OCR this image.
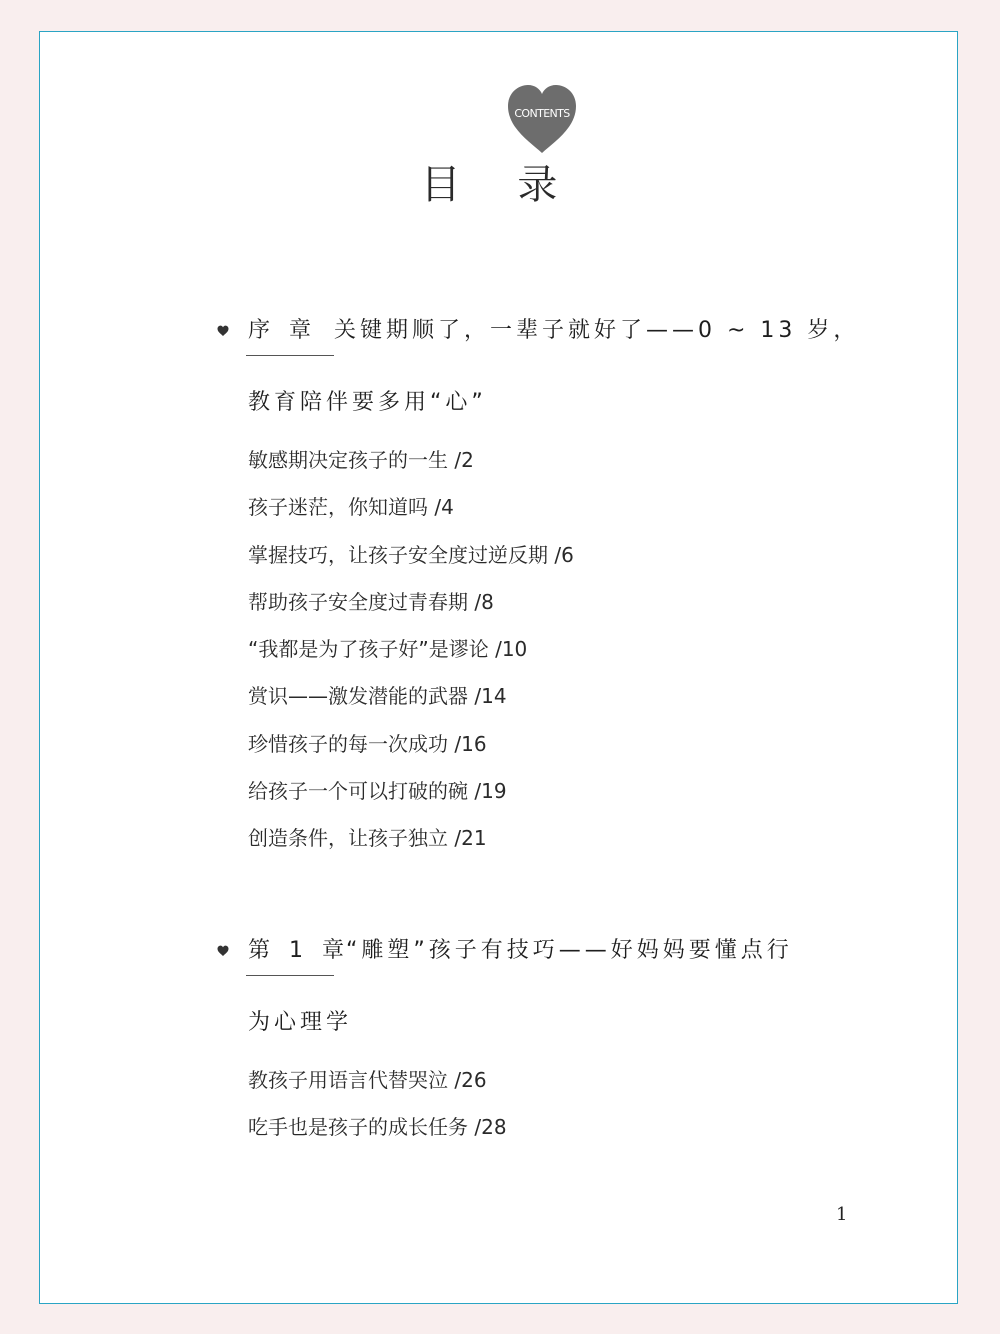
CONTENTS
目 录
序 章 关键期顺了，一辈子就好了——0 ~ 13 岁，
教育陪伴要多用“心”
敏感期决定孩子的一生 /2
孩子迷茫，你知道吗 /4
掌握技巧，让孩子安全度过逆反期 /6
帮助孩子安全度过青春期 /8
“我都是为了孩子好”是谬论 /10
赏识——激发潜能的武器 /14
珍惜孩子的每一次成功 /16
给孩子一个可以打破的碗 /19
创造条件，让孩子独立 /21
第 1 章“雕塑”孩子有技巧——好妈妈要懂点行
为心理学
教孩子用语言代替哭泣 /26
吃手也是孩子的成长任务 /28
1
